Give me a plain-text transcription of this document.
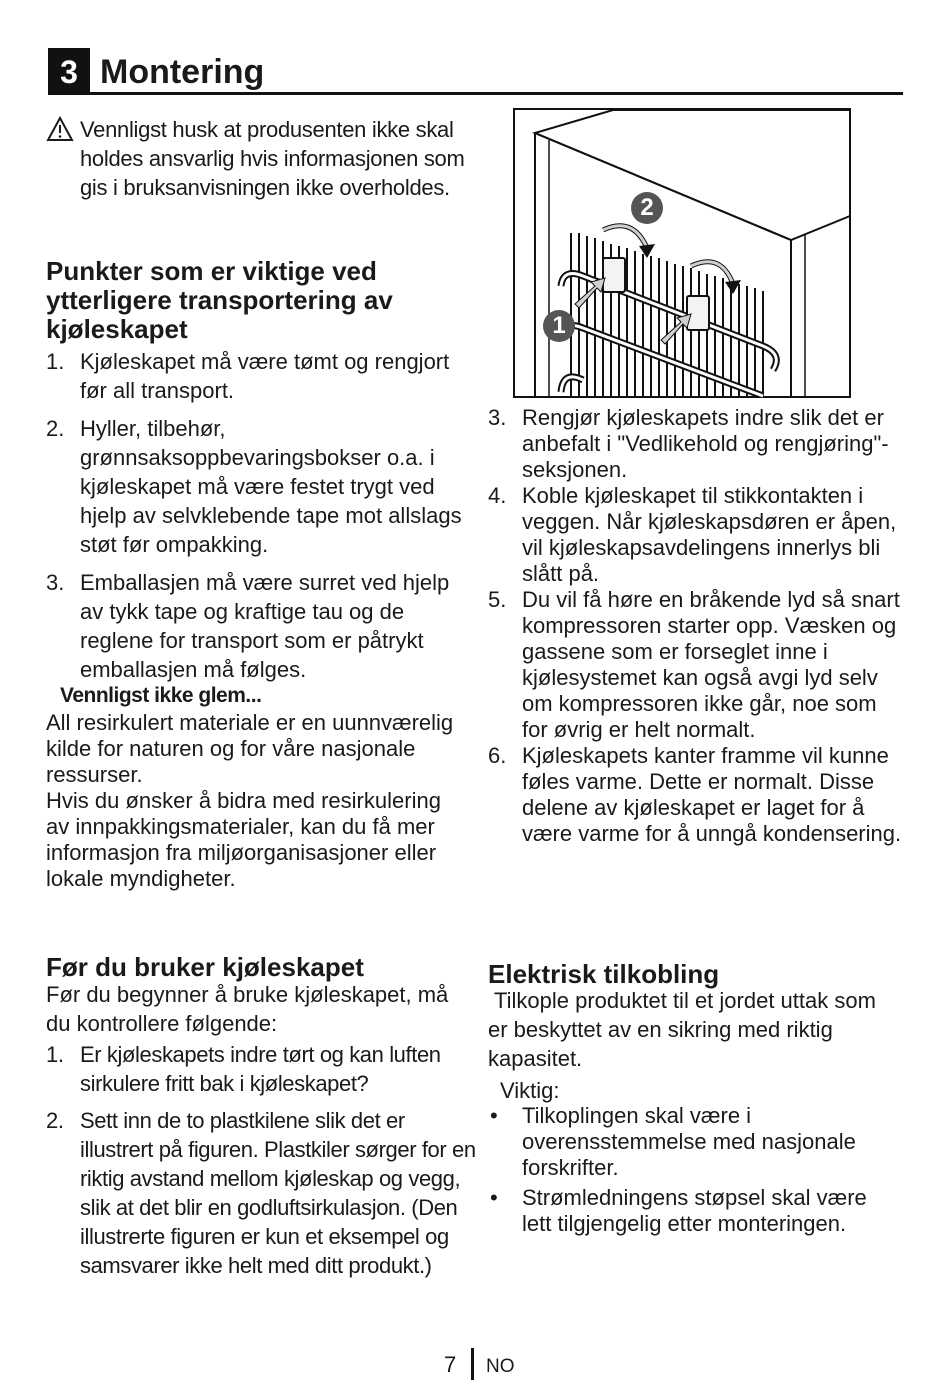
3 Montering
Vennligst husk at produsenten ikke skal holdes ansvarlig hvis informasjonen som gis i bruksanvisningen ikke overholdes.
Punkter som er viktige ved ytterligere transportering av kjøleskapet
1. Kjøleskapet må være tømt og rengjort før all transport.
2. Hyller, tilbehør, grønnsaksoppbevaringsbokser o.a. i kjøleskapet må være festet trygt ved hjelp av selvklebende tape mot allslags støt før ompakking.
3. Emballasjen må være surret ved hjelp av tykk tape og kraftige tau og de reglene for transport som er påtrykt emballasjen må følges.
Vennligst ikke glem...
All resirkulert materiale er en uunnværelig kilde for naturen og for våre nasjonale ressurser.
Hvis du ønsker å bidra med resirkulering av innpakkingsmaterialer, kan du få mer informasjon fra miljøorganisasjoner eller lokale myndigheter.
Før du bruker kjøleskapet
Før du begynner å bruke kjøleskapet, må du kontrollere følgende:
1. Er kjøleskapets indre tørt og kan luften sirkulere fritt bak i kjøleskapet?
2. Sett inn de to plastkilene slik det er illustrert på figuren. Plastkiler sørger for en riktig avstand mellom kjøleskap og vegg, slik at det blir en godluftsirkulasjon. (Den illustrerte figuren er kun et eksempel og samsvarer ikke helt med ditt produkt.)
2
1
3. Rengjør kjøleskapets indre slik det er anbefalt i "Vedlikehold og rengjøring"-seksjonen.
4. Koble kjøleskapet til stikkontakten i veggen. Når kjøleskapsdøren er åpen, vil kjøleskapsavdelingens innerlys bli slått på.
5. Du vil få høre en bråkende lyd så snart kompressoren starter opp. Væsken og gassene som er forseglet inne i kjølesystemet kan også avgi lyd selv om kompressoren ikke går, noe som for øvrig er helt normalt.
6. Kjøleskapets kanter framme vil kunne føles varme. Dette er normalt. Disse delene av kjøleskapet er laget for å være varme for å unngå kondensering.
Elektrisk tilkobling
Tilkople produktet til et jordet uttak som er beskyttet av en sikring med riktig kapasitet.
Viktig:
• Tilkoplingen skal være i overensstemmelse med nasjonale forskrifter.
• Strømledningens støpsel skal være lett tilgjengelig etter monteringen.
7 NO
